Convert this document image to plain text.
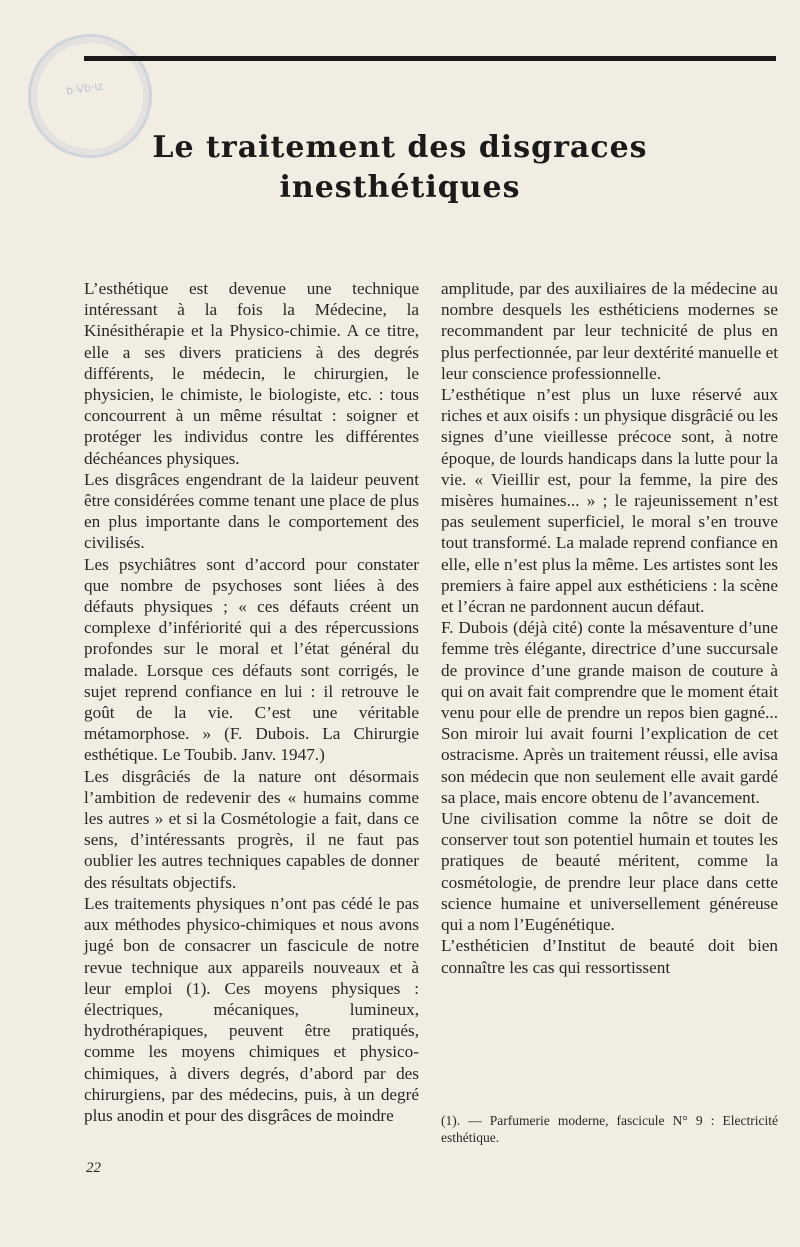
b·Vb·iz
Le traitement des disgraces
inesthétiques

L’esthétique est devenue une technique intéressant à la fois la Médecine, la Kinésithérapie et la Physico-chimie. A ce titre, elle a ses divers praticiens à des degrés différents, le médecin, le chirurgien, le physicien, le chimiste, le biologiste, etc. : tous concourrent à un même résultat : soigner et protéger les individus contre les différentes déchéances physiques.

Les disgrâces engendrant de la laideur peuvent être considérées comme tenant une place de plus en plus importante dans le comportement des civilisés.

Les psychiâtres sont d’accord pour constater que nombre de psychoses sont liées à des défauts physiques ; « ces défauts créent un complexe d’infériorité qui a des répercussions profondes sur le moral et l’état général du malade. Lorsque ces défauts sont corrigés, le sujet reprend confiance en lui : il retrouve le goût de la vie. C’est une véritable métamorphose. » (F. Dubois. La Chirurgie esthétique. Le Toubib. Janv. 1947.)

Les disgrâciés de la nature ont désormais l’ambition de redevenir des « humains comme les autres » et si la Cosmétologie a fait, dans ce sens, d’intéressants progrès, il ne faut pas oublier les autres techniques capables de donner des résultats objectifs.

Les traitements physiques n’ont pas cédé le pas aux méthodes physico-chimiques et nous avons jugé bon de consacrer un fascicule de notre revue technique aux appareils nouveaux et à leur emploi (1). Ces moyens physiques : électriques, mécaniques, lumineux, hydrothérapiques, peuvent être pratiqués, comme les moyens chimiques et physico-chimiques, à divers degrés, d’abord par des chirurgiens, par des médecins, puis, à un degré plus anodin et pour des disgrâces de moindre

amplitude, par des auxiliaires de la médecine au nombre desquels les esthéticiens modernes se recommandent par leur technicité de plus en plus perfectionnée, par leur dextérité manuelle et leur conscience professionnelle.

L’esthétique n’est plus un luxe réservé aux riches et aux oisifs : un physique disgrâcié ou les signes d’une vieillesse précoce sont, à notre époque, de lourds handicaps dans la lutte pour la vie. « Vieillir est, pour la femme, la pire des misères humaines... » ; le rajeunissement n’est pas seulement superficiel, le moral s’en trouve tout transformé. La malade reprend confiance en elle, elle n’est plus la même. Les artistes sont les premiers à faire appel aux esthéticiens : la scène et l’écran ne pardonnent aucun défaut.

F. Dubois (déjà cité) conte la mésaventure d’une femme très élégante, directrice d’une succursale de province d’une grande maison de couture à qui on avait fait comprendre que le moment était venu pour elle de prendre un repos bien gagné... Son miroir lui avait fourni l’explication de cet ostracisme. Après un traitement réussi, elle avisa son médecin que non seulement elle avait gardé sa place, mais encore obtenu de l’avancement.

Une civilisation comme la nôtre se doit de conserver tout son potentiel humain et toutes les pratiques de beauté méritent, comme la cosmétologie, de prendre leur place dans cette science humaine et universellement généreuse qui a nom l’Eugénétique.

L’esthéticien d’Institut de beauté doit bien connaître les cas qui ressortissent

(1). — Parfumerie moderne, fascicule N° 9 : Electricité esthétique.
22
